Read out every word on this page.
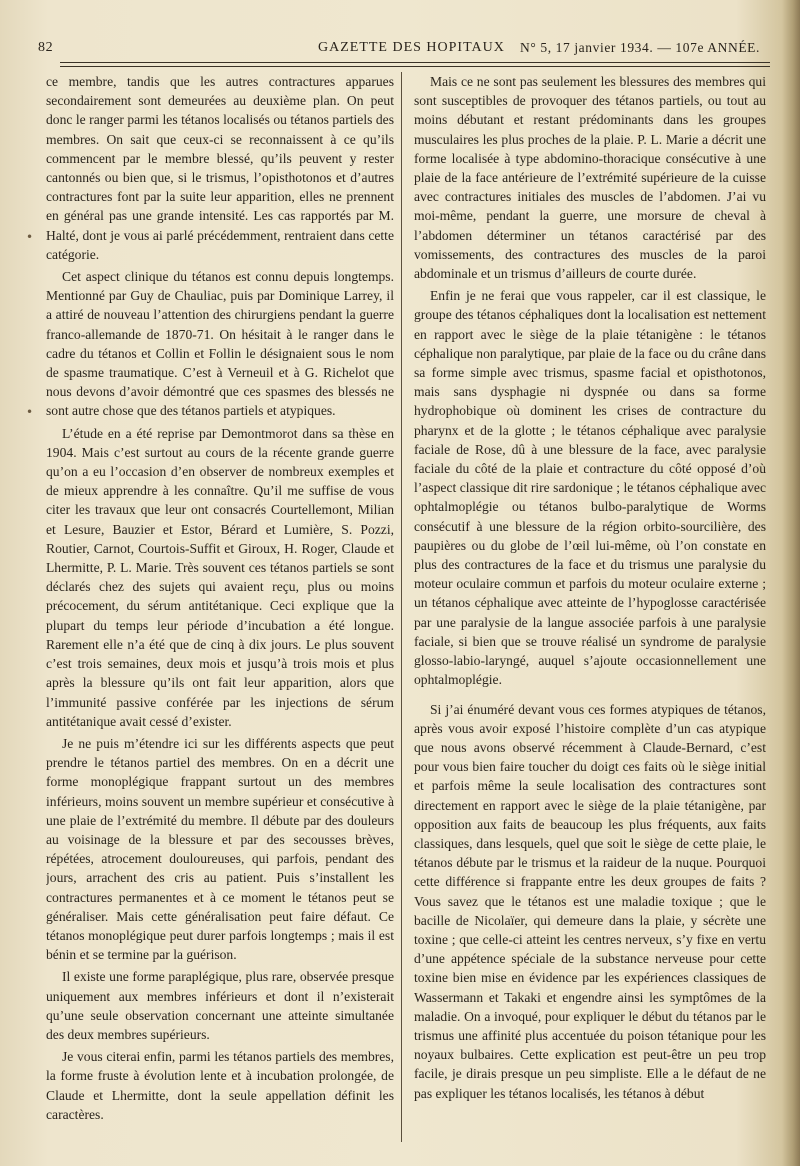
82	GAZETTE DES HOPITAUX N° 5, 17 janvier 1934. — 107e ANNÉE.
•
•

ce membre, tandis que les autres contractures apparues secondairement sont demeurées au deuxième plan. On peut donc le ranger parmi les tétanos localisés ou tétanos partiels des membres. On sait que ceux-ci se reconnaissent à ce qu’ils commencent par le membre blessé, qu’ils peuvent y rester cantonnés ou bien que, si le trismus, l’opisthotonos et d’autres contractures font par la suite leur apparition, elles ne prennent en général pas une grande intensité. Les cas rapportés par M. Halté, dont je vous ai parlé précédemment, rentraient dans cette catégorie.

Cet aspect clinique du tétanos est connu depuis longtemps. Mentionné par Guy de Chauliac, puis par Dominique Larrey, il a attiré de nouveau l’attention des chirurgiens pendant la guerre franco-allemande de 1870-71. On hésitait à le ranger dans le cadre du tétanos et Collin et Follin le désignaient sous le nom de spasme traumatique. C’est à Verneuil et à G. Richelot que nous devons d’avoir démontré que ces spasmes des blessés ne sont autre chose que des tétanos partiels et atypiques.

L’étude en a été reprise par Demontmorot dans sa thèse en 1904. Mais c’est surtout au cours de la récente grande guerre qu’on a eu l’occasion d’en observer de nombreux exemples et de mieux apprendre à les connaître. Qu’il me suffise de vous citer les travaux que leur ont consacrés Courtellemont, Milian et Lesure, Bauzier et Estor, Bérard et Lumière, S. Pozzi, Routier, Carnot, Courtois-Suffit et Giroux, H. Roger, Claude et Lhermitte, P. L. Marie. Très souvent ces tétanos partiels se sont déclarés chez des sujets qui avaient reçu, plus ou moins précocement, du sérum antitétanique. Ceci explique que la plupart du temps leur période d’incubation a été longue. Rarement elle n’a été que de cinq à dix jours. Le plus souvent c’est trois semaines, deux mois et jusqu’à trois mois et plus après la blessure qu’ils ont fait leur apparition, alors que l’immunité passive conférée par les injections de sérum antitétanique avait cessé d’exister.

Je ne puis m’étendre ici sur les différents aspects que peut prendre le tétanos partiel des membres. On en a décrit une forme monoplégique frappant surtout un des membres inférieurs, moins souvent un membre supérieur et consécutive à une plaie de l’extrémité du membre. Il débute par des douleurs au voisinage de la blessure et par des secousses brèves, répétées, atrocement douloureuses, qui parfois, pendant des jours, arrachent des cris au patient. Puis s’installent les contractures permanentes et à ce moment le tétanos peut se généraliser. Mais cette généralisation peut faire défaut. Ce tétanos monoplégique peut durer parfois longtemps ; mais il est bénin et se termine par la guérison.

Il existe une forme paraplégique, plus rare, observée presque uniquement aux membres inférieurs et dont il n’existerait qu’une seule observation concernant une atteinte simultanée des deux membres supérieurs.

Je vous citerai enfin, parmi les tétanos partiels des membres, la forme fruste à évolution lente et à incubation prolongée, de Claude et Lhermitte, dont la seule appellation définit les caractères.

Mais ce ne sont pas seulement les blessures des membres qui sont susceptibles de provoquer des tétanos partiels, ou tout au moins débutant et restant prédominants dans les groupes musculaires les plus proches de la plaie. P. L. Marie a décrit une forme localisée à type abdomino-thoracique consécutive à une plaie de la face antérieure de l’extrémité supérieure de la cuisse avec contractures initiales des muscles de l’abdomen. J’ai vu moi-même, pendant la guerre, une morsure de cheval à l’abdomen déterminer un tétanos caractérisé par des vomissements, des contractures des muscles de la paroi abdominale et un trismus d’ailleurs de courte durée.

Enfin je ne ferai que vous rappeler, car il est classique, le groupe des tétanos céphaliques dont la localisation est nettement en rapport avec le siège de la plaie tétanigène : le tétanos céphalique non paralytique, par plaie de la face ou du crâne dans sa forme simple avec trismus, spasme facial et opisthotonos, mais sans dysphagie ni dyspnée ou dans sa forme hydrophobique où dominent les crises de contracture du pharynx et de la glotte ; le tétanos céphalique avec paralysie faciale de Rose, dû à une blessure de la face, avec paralysie faciale du côté de la plaie et contracture du côté opposé d’où l’aspect classique dit rire sardonique ; le tétanos céphalique avec ophtalmoplégie ou tétanos bulbo-paralytique de Worms consécutif à une blessure de la région orbito-sourcilière, des paupières ou du globe de l’œil lui-même, où l’on constate en plus des contractures de la face et du trismus une paralysie du moteur oculaire commun et parfois du moteur oculaire externe ; un tétanos céphalique avec atteinte de l’hypoglosse caractérisée par une paralysie de la langue associée parfois à une paralysie faciale, si bien que se trouve réalisé un syndrome de paralysie glosso-labio-laryngé, auquel s’ajoute occasionnellement une ophtalmoplégie.

Si j’ai énuméré devant vous ces formes atypiques de tétanos, après vous avoir exposé l’histoire complète d’un cas atypique que nous avons observé récemment à Claude-Bernard, c’est pour vous bien faire toucher du doigt ces faits où le siège initial et parfois même la seule localisation des contractures sont directement en rapport avec le siège de la plaie tétanigène, par opposition aux faits de beaucoup les plus fréquents, aux faits classiques, dans lesquels, quel que soit le siège de cette plaie, le tétanos débute par le trismus et la raideur de la nuque. Pourquoi cette différence si frappante entre les deux groupes de faits ? Vous savez que le tétanos est une maladie toxique ; que le bacille de Nicolaïer, qui demeure dans la plaie, y sécrète une toxine ; que celle-ci atteint les centres nerveux, s’y fixe en vertu d’une appétence spéciale de la substance nerveuse pour cette toxine bien mise en évidence par les expériences classiques de Wassermann et Takaki et engendre ainsi les symptômes de la maladie. On a invoqué, pour expliquer le début du tétanos par le trismus une affinité plus accentuée du poison tétanique pour les noyaux bulbaires. Cette explication est peut-être un peu trop facile, je dirais presque un peu simpliste. Elle a le défaut de ne pas expliquer les tétanos localisés, les tétanos à début
